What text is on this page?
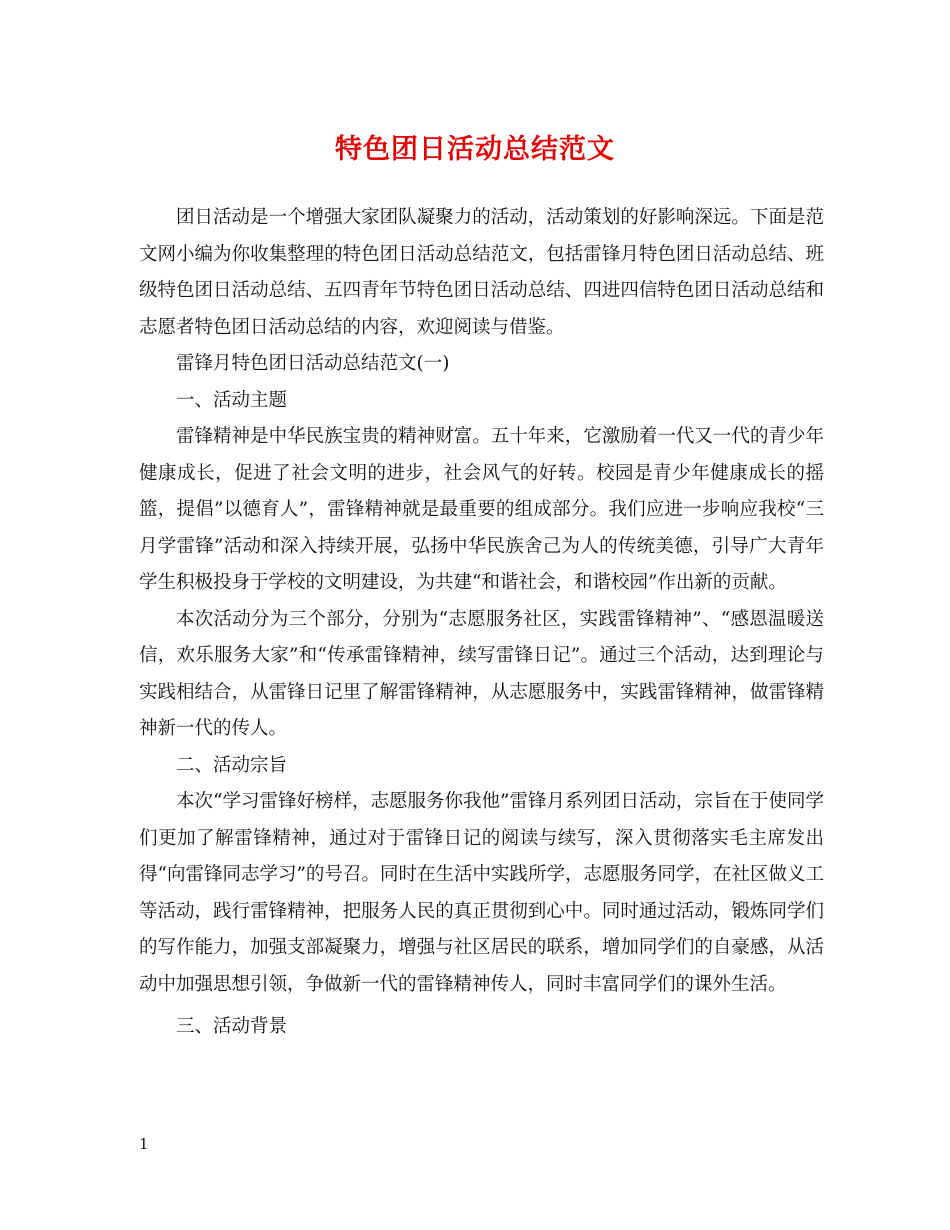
特色团日活动总结范文

团日活动是一个增强大家团队凝聚力的活动，活动策划的好影响深远。下面是范文网小编为你收集整理的特色团日活动总结范文，包括雷锋月特色团日活动总结、班级特色团日活动总结、五四青年节特色团日活动总结、四进四信特色团日活动总结和志愿者特色团日活动总结的内容，欢迎阅读与借鉴。

雷锋月特色团日活动总结范文(一)

一、活动主题

雷锋精神是中华民族宝贵的精神财富。五十年来，它激励着一代又一代的青少年健康成长，促进了社会文明的进步，社会风气的好转。校园是青少年健康成长的摇篮，提倡”以德育人”，雷锋精神就是最重要的组成部分。我们应进一步响应我校“三月学雷锋”活动和深入持续开展，弘扬中华民族舍己为人的传统美德，引导广大青年学生积极投身于学校的文明建设，为共建“和谐社会，和谐校园”作出新的贡献。

本次活动分为三个部分，分别为“志愿服务社区，实践雷锋精神”、“感恩温暖送信，欢乐服务大家”和“传承雷锋精神，续写雷锋日记”。通过三个活动，达到理论与实践相结合，从雷锋日记里了解雷锋精神，从志愿服务中，实践雷锋精神，做雷锋精神新一代的传人。

二、活动宗旨

本次“学习雷锋好榜样，志愿服务你我他”雷锋月系列团日活动，宗旨在于使同学们更加了解雷锋精神，通过对于雷锋日记的阅读与续写，深入贯彻落实毛主席发出得“向雷锋同志学习”的号召。同时在生活中实践所学，志愿服务同学，在社区做义工等活动，践行雷锋精神，把服务人民的真正贯彻到心中。同时通过活动，锻炼同学们的写作能力，加强支部凝聚力，增强与社区居民的联系，增加同学们的自豪感，从活动中加强思想引领，争做新一代的雷锋精神传人，同时丰富同学们的课外生活。

三、活动背景

1
